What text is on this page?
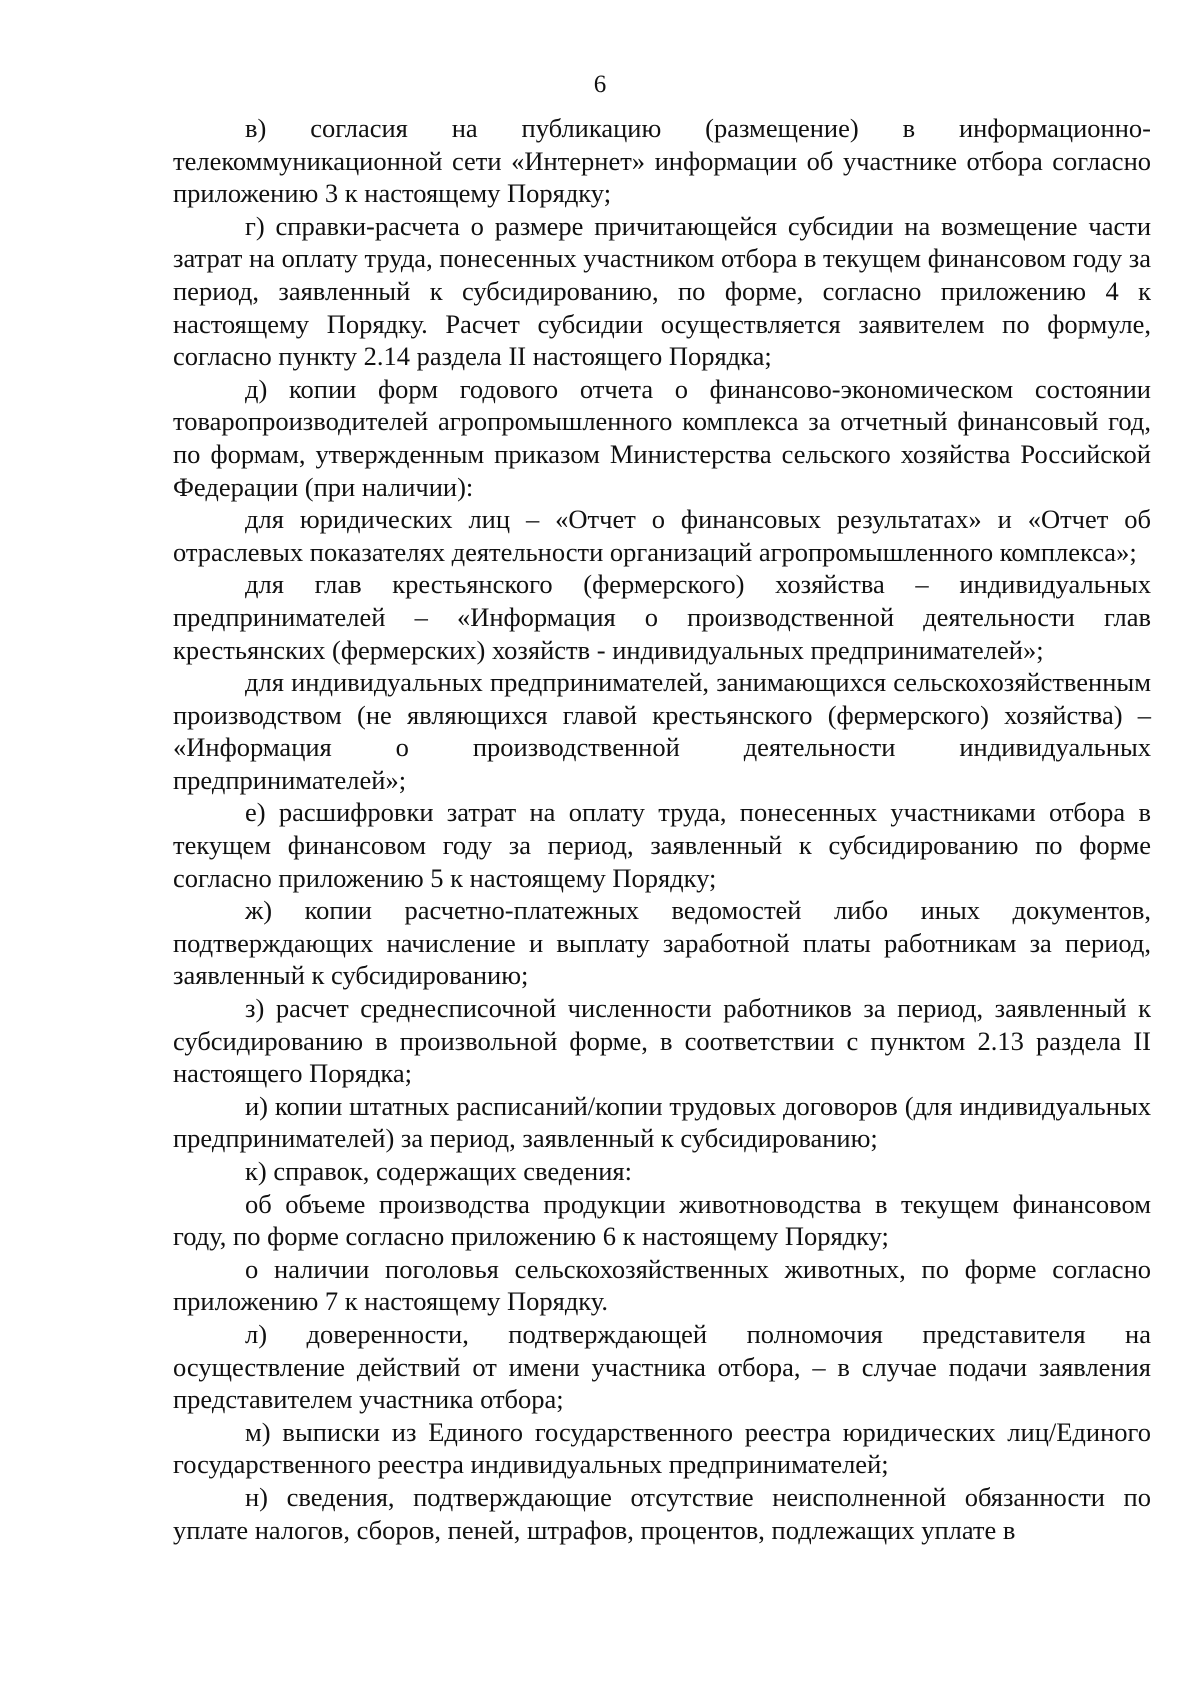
6

в) согласия на публикацию (размещение) в информационно-телекоммуникационной сети «Интернет» информации об участнике отбора согласно приложению 3 к настоящему Порядку;

г) справки-расчета о размере причитающейся субсидии на возмещение части затрат на оплату труда, понесенных участником отбора в текущем финансовом году за период, заявленный к субсидированию, по форме, согласно приложению 4 к настоящему Порядку. Расчет субсидии осуществляется заявителем по формуле, согласно пункту 2.14 раздела II настоящего Порядка;

д) копии форм годового отчета о финансово-экономическом состоянии товаропроизводителей агропромышленного комплекса за отчетный финансовый год, по формам, утвержденным приказом Министерства сельского хозяйства Российской Федерации (при наличии):

для юридических лиц – «Отчет о финансовых результатах» и «Отчет об отраслевых показателях деятельности организаций агропромышленного комплекса»;

для глав крестьянского (фермерского) хозяйства – индивидуальных предпринимателей – «Информация о производственной деятельности глав крестьянских (фермерских) хозяйств - индивидуальных предпринимателей»;

для индивидуальных предпринимателей, занимающихся сельскохозяйственным производством (не являющихся главой крестьянского (фермерского) хозяйства) – «Информация о производственной деятельности индивидуальных предпринимателей»;

е) расшифровки затрат на оплату труда, понесенных участниками отбора в текущем финансовом году за период, заявленный к субсидированию по форме согласно приложению 5 к настоящему Порядку;

ж) копии расчетно-платежных ведомостей либо иных документов, подтверждающих начисление и выплату заработной платы работникам за период, заявленный к субсидированию;

з) расчет среднесписочной численности работников за период, заявленный к субсидированию в произвольной форме, в соответствии с пунктом 2.13 раздела II настоящего Порядка;

и) копии штатных расписаний/копии трудовых договоров (для индивидуальных предпринимателей) за период, заявленный к субсидированию;

к) справок, содержащих сведения:

об объеме производства продукции животноводства в текущем финансовом году, по форме согласно приложению 6 к настоящему Порядку;

о наличии поголовья сельскохозяйственных животных, по форме согласно приложению 7 к настоящему Порядку.

л) доверенности, подтверждающей полномочия представителя на осуществление действий от имени участника отбора, – в случае подачи заявления представителем участника отбора;

м) выписки из Единого государственного реестра юридических лиц/Единого государственного реестра индивидуальных предпринимателей;

н) сведения, подтверждающие отсутствие неисполненной обязанности по уплате налогов, сборов, пеней, штрафов, процентов, подлежащих уплате в
